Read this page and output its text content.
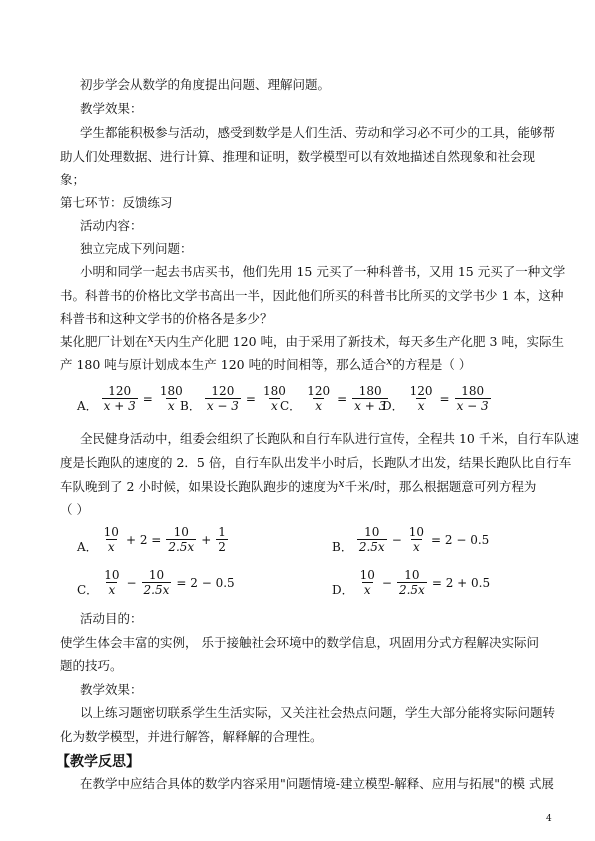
初步学会从数学的角度提出问题、理解问题。
教学效果：
学生都能积极参与活动，感受到数学是人们生活、劳动和学习必不可少的工具，能够帮
助人们处理数据、进行计算、推理和证明，数学模型可以有效地描述自然现象和社会现
象；
第七环节：反馈练习
活动内容：
独立完成下列问题：
小明和同学一起去书店买书，他们先用 15 元买了一种科普书，又用 15 元买了一种文学
书。科普书的价格比文学书高出一半，因此他们所买的科普书比所买的文学书少 1 本，这种
科普书和这种文学书的价格各是多少？
某化肥厂计划在x天内生产化肥 120 吨，由于采用了新技术，每天多生产化肥 3 吨，实际生
产 180 吨与原计划成本生产 120 吨的时间相等，那么适合x的方程是（ ）
A． $\frac{120}{x + 3} = \frac{180}{x}$
B． $\frac{120}{x - 3} = \frac{180}{x}$
C． $\frac{120}{x} = \frac{180}{x + 3}$
D． $\frac{120}{x} = \frac{180}{x - 3}$
全民健身活动中，组委会组织了长跑队和自行车队进行宣传，全程共 10 千米，自行车队速
度是长跑队的速度的 2．5 倍，自行车队出发半小时后，长跑队才出发，结果长跑队比自行车
车队晚到了 2 小时候，如果设长跑队跑步的速度为x千米/时，那么根据题意可列方程为
（ ）
A． $\frac{10}{x} + 2 = \frac{10}{2.5x} + \frac{1}{2}$	B． $\frac{10}{2.5x} - \frac{10}{x} = 2 - 0.5$
C． $\frac{10}{x} - \frac{10}{2.5x} = 2 - 0.5$
D． $\frac{10}{x} - \frac{10}{2.5x} = 2 + 0.5$
活动目的：
使学生体会丰富的实例， 乐于接触社会环境中的数学信息，巩固用分式方程解决实际问
题的技巧。
教学效果：
以上练习题密切联系学生生活实际，又关注社会热点问题，学生大部分能将实际问题转
化为数学模型，并进行解答，解释解的合理性。
【教学反思】
在教学中应结合具体的数学内容采用"问题情境-建立模型-解释、应用与拓展"的模 式展
4
